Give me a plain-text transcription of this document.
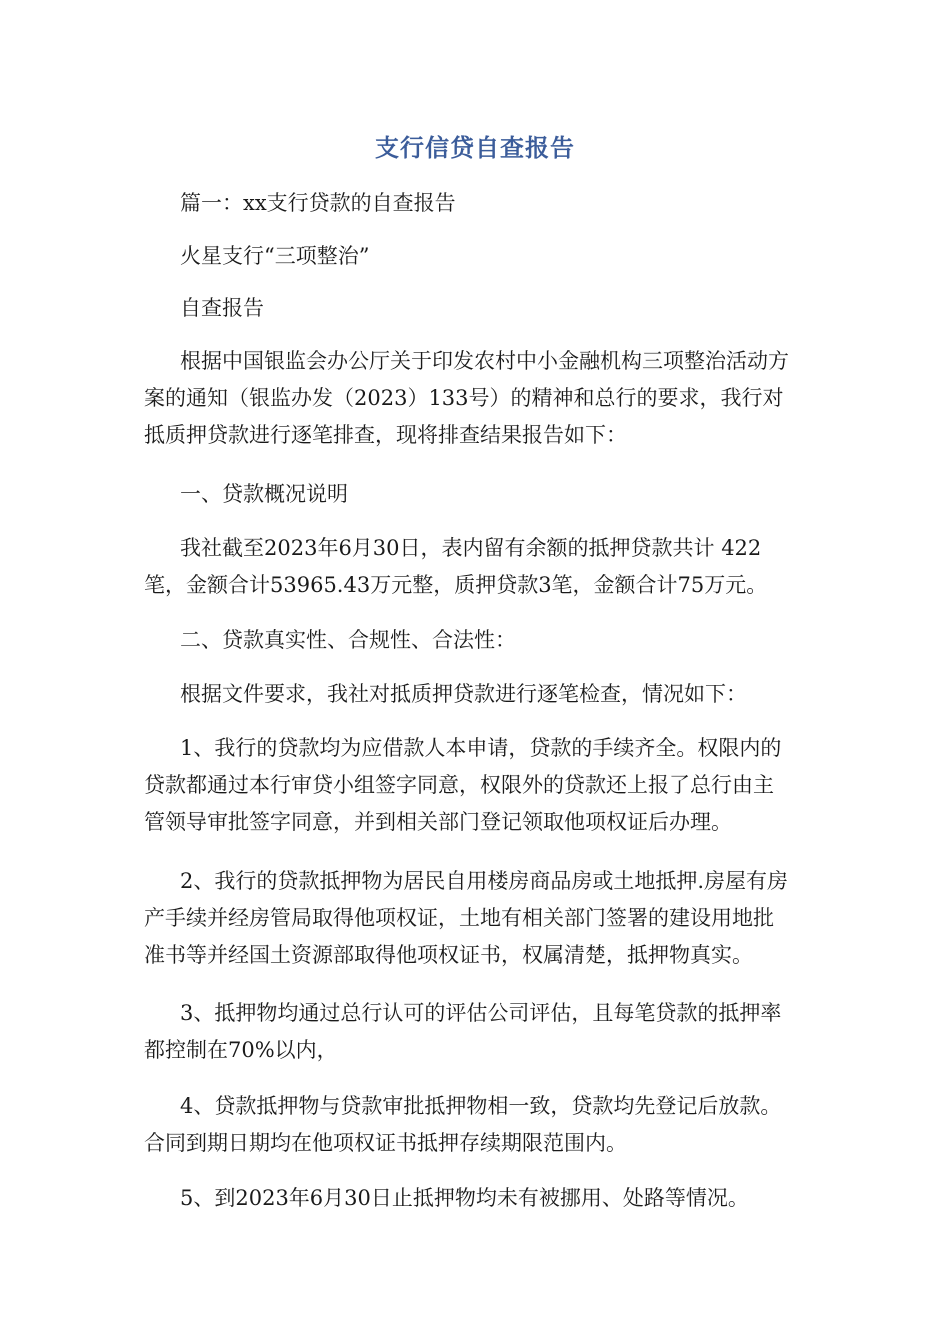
支行信贷自查报告
篇一：xx支行贷款的自查报告
火星支行“三项整治”
自查报告
根据中国银监会办公厅关于印发农村中小金融机构三项整治活动方
案的通知（银监办发（2023）133号）的精神和总行的要求，我行对
抵质押贷款进行逐笔排查，现将排查结果报告如下：
一、贷款概况说明
我社截至2023年6月30日，表内留有余额的抵押贷款共计 422
笔，金额合计53965.43万元整，质押贷款3笔，金额合计75万元。
二、贷款真实性、合规性、合法性：
根据文件要求，我社对抵质押贷款进行逐笔检查，情况如下：
1、我行的贷款均为应借款人本申请，贷款的手续齐全。权限内的
贷款都通过本行审贷小组签字同意，权限外的贷款还上报了总行由主
管领导审批签字同意，并到相关部门登记领取他项权证后办理。
2、我行的贷款抵押物为居民自用楼房商品房或土地抵押.房屋有房
产手续并经房管局取得他项权证，土地有相关部门签署的建设用地批
准书等并经国土资源部取得他项权证书，权属清楚，抵押物真实。
3、抵押物均通过总行认可的评估公司评估，且每笔贷款的抵押率
都控制在70%以内，
4、贷款抵押物与贷款审批抵押物相一致，贷款均先登记后放款。
合同到期日期均在他项权证书抵押存续期限范围内。
5、到2023年6月30日止抵押物均未有被挪用、处路等情况。
